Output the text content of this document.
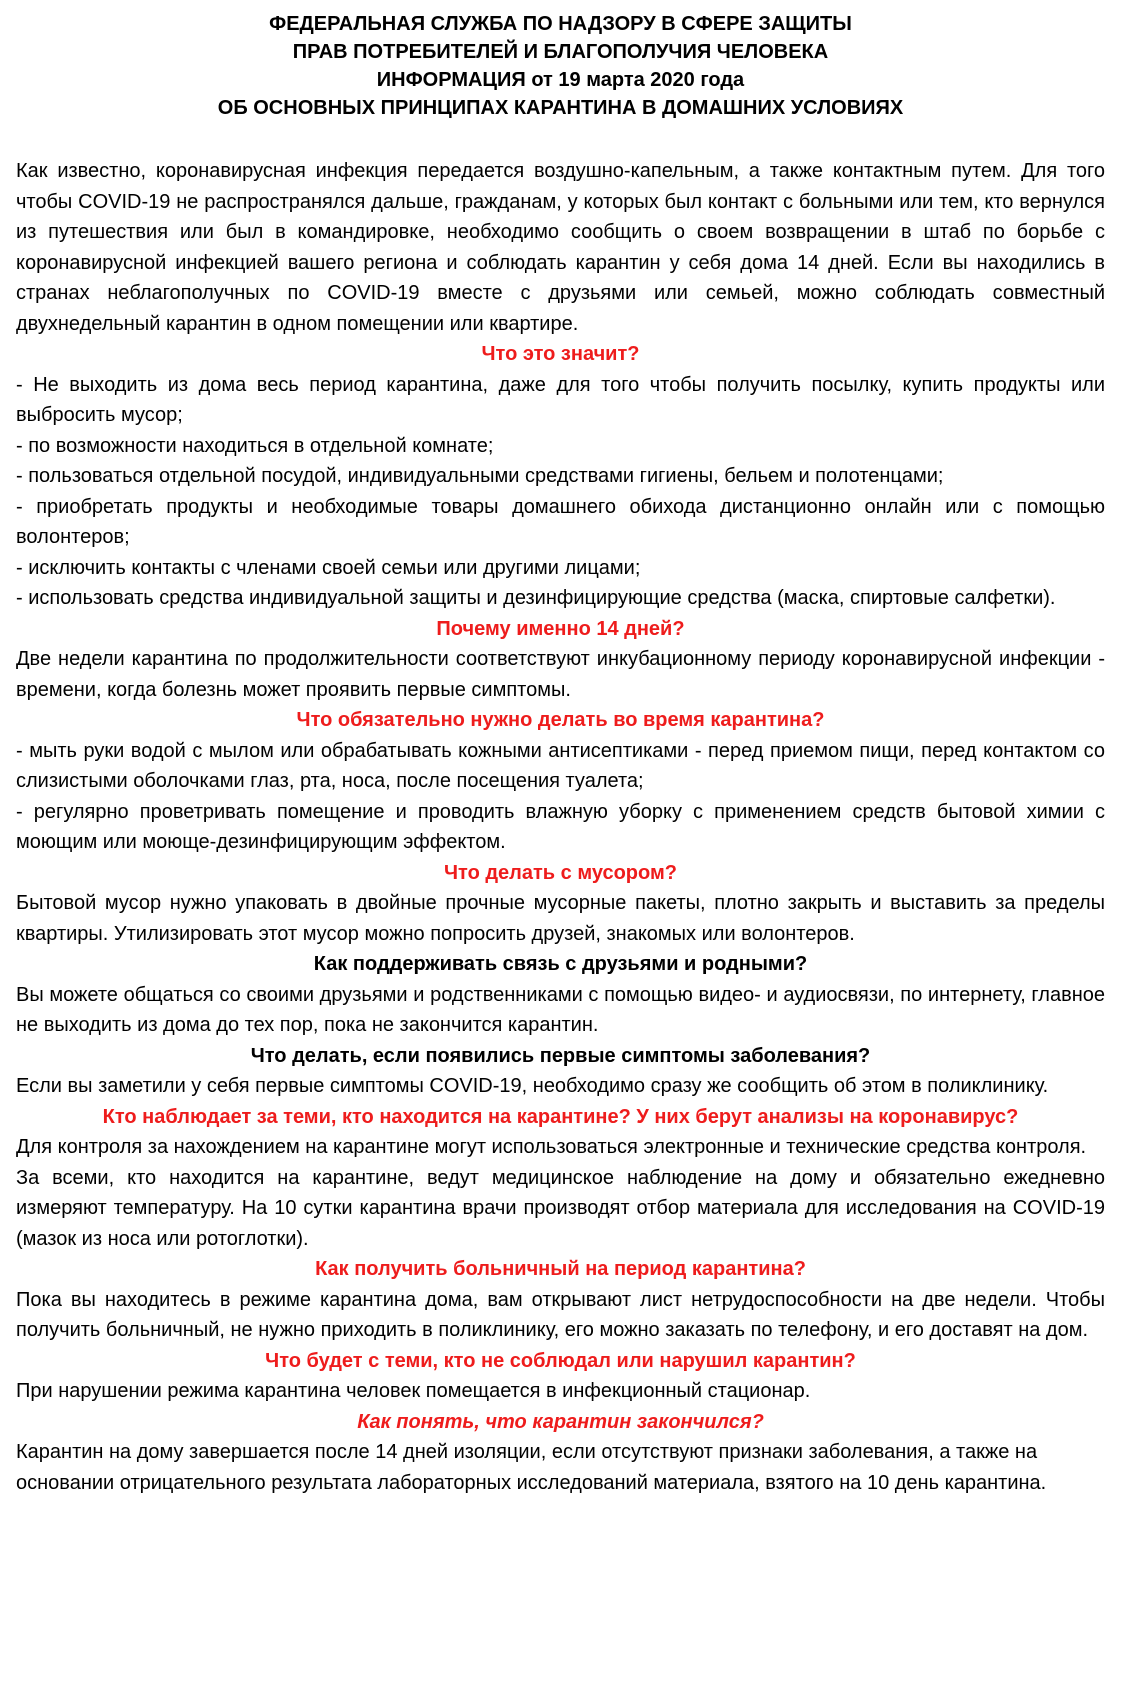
ФЕДЕРАЛЬНАЯ СЛУЖБА ПО НАДЗОРУ В СФЕРЕ ЗАЩИТЫ
ПРАВ ПОТРЕБИТЕЛЕЙ И БЛАГОПОЛУЧИЯ ЧЕЛОВЕКА
ИНФОРМАЦИЯ от 19 марта 2020 года
ОБ ОСНОВНЫХ ПРИНЦИПАХ КАРАНТИНА В ДОМАШНИХ УСЛОВИЯХ

Как известно, коронавирусная инфекция передается воздушно-капельным, а также контактным путем. Для того чтобы COVID-19 не распространялся дальше, гражданам, у которых был контакт с больными или тем, кто вернулся из путешествия или был в командировке, необходимо сообщить о своем возвращении в штаб по борьбе с коронавирусной инфекцией вашего региона и соблюдать карантин у себя дома 14 дней. Если вы находились в странах неблагополучных по COVID-19 вместе с друзьями или семьей, можно соблюдать совместный двухнедельный карантин в одном помещении или квартире.

Что это значит?

- Не выходить из дома весь период карантина, даже для того чтобы получить посылку, купить продукты или выбросить мусор;

- по возможности находиться в отдельной комнате;

- пользоваться отдельной посудой, индивидуальными средствами гигиены, бельем и полотенцами;

- приобретать продукты и необходимые товары домашнего обихода дистанционно онлайн или с помощью волонтеров;

- исключить контакты с членами своей семьи или другими лицами;

- использовать средства индивидуальной защиты и дезинфицирующие средства (маска, спиртовые салфетки).

Почему именно 14 дней?

Две недели карантина по продолжительности соответствуют инкубационному периоду коронавирусной инфекции - времени, когда болезнь может проявить первые симптомы.

Что обязательно нужно делать во время карантина?

- мыть руки водой с мылом или обрабатывать кожными антисептиками - перед приемом пищи, перед контактом со слизистыми оболочками глаз, рта, носа, после посещения туалета;

- регулярно проветривать помещение и проводить влажную уборку с применением средств бытовой химии с моющим или моюще-дезинфицирующим эффектом.

Что делать с мусором?

Бытовой мусор нужно упаковать в двойные прочные мусорные пакеты, плотно закрыть и выставить за пределы квартиры. Утилизировать этот мусор можно попросить друзей, знакомых или волонтеров.

Как поддерживать связь с друзьями и родными?

Вы можете общаться со своими друзьями и родственниками с помощью видео- и аудиосвязи, по интернету, главное не выходить из дома до тех пор, пока не закончится карантин.

Что делать, если появились первые симптомы заболевания?

Если вы заметили у себя первые симптомы COVID-19, необходимо сразу же сообщить об этом в поликлинику.

Кто наблюдает за теми, кто находится на карантине? У них берут анализы на коронавирус?

Для контроля за нахождением на карантине могут использоваться электронные и технические средства контроля.

За всеми, кто находится на карантине, ведут медицинское наблюдение на дому и обязательно ежедневно измеряют температуру. На 10 сутки карантина врачи производят отбор материала для исследования на COVID-19 (мазок из носа или ротоглотки).

Как получить больничный на период карантина?

Пока вы находитесь в режиме карантина дома, вам открывают лист нетрудоспособности на две недели. Чтобы получить больничный, не нужно приходить в поликлинику, его можно заказать по телефону, и его доставят на дом.

Что будет с теми, кто не соблюдал или нарушил карантин?

При нарушении режима карантина человек помещается в инфекционный стационар.

Как понять, что карантин закончился?

Карантин на дому завершается после 14 дней изоляции, если отсутствуют признаки заболевания, а также на основании отрицательного результата лабораторных исследований материала, взятого на 10 день карантина.
